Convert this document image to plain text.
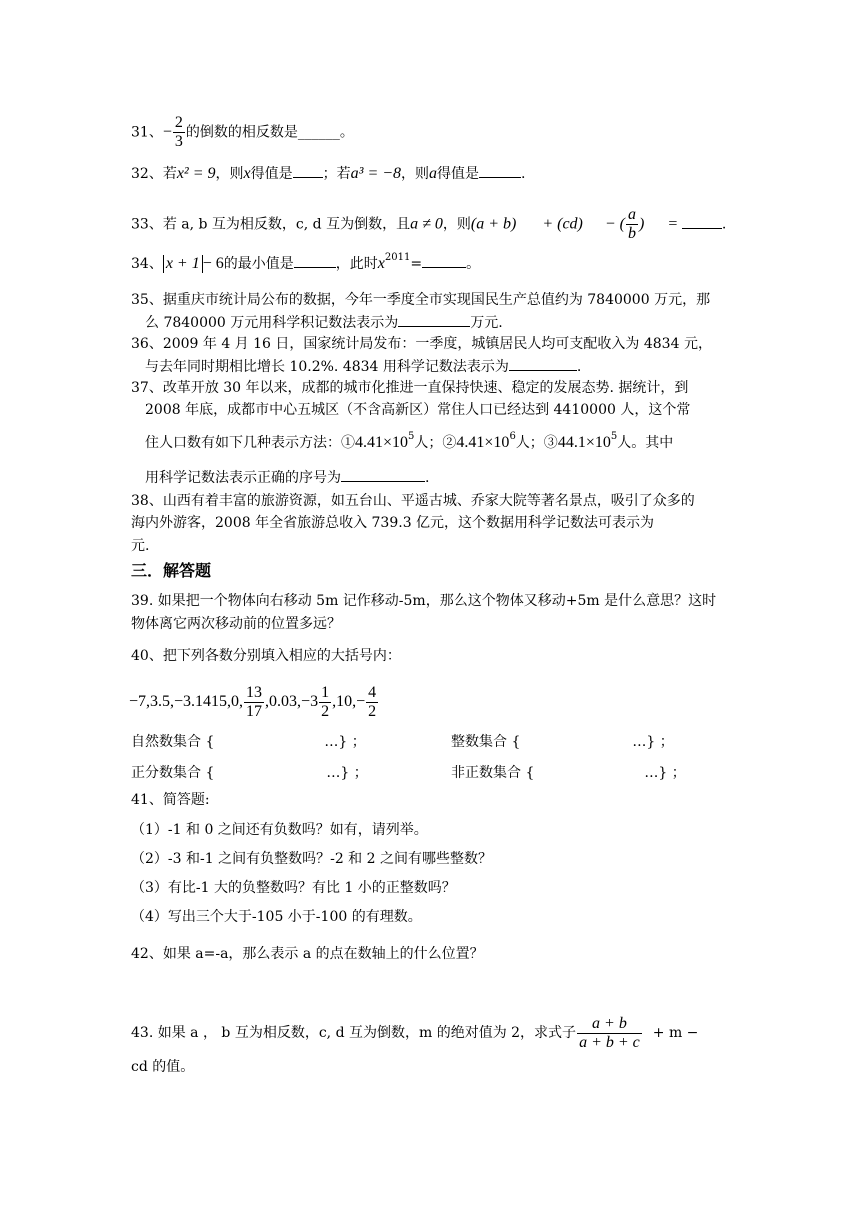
31、− $\frac{2}{3}$ 的倒数的相反数是______。
32、若x² = 9，则x得值是 ；若a³ = −8，则a得值是	.
33、若 a, b 互为相反数，c, d 互为倒数，且a ≠ 0，则(a + b) + (cd) − ( $\frac{a}{b}$ ) =	.
34、 x + 1 − 6的最小值是	，此时$x^{2011}=$	。
35、据重庆市统计局公布的数据，今年一季度全市实现国民生产总值约为 7840000 万元，那
么 7840000 万元用科学积记数法表示为	万元.
36、2009 年 4 月 16 日，国家统计局发布：一季度，城镇居民人均可支配收入为 4834 元，
与去年同时期相比增长 10.2%. 4834 用科学记数法表示为	.
37、改革开放 30 年以来，成都的城市化推进一直保持快速、稳定的发展态势. 据统计，到
2008 年底，成都市中心五城区（不含高新区）常住人口已经达到 4410000 人，这个常
住人口数有如下几种表示方法：$①4.41\times 10^5$人；$②4.41\times 10^6$人；$③44.1\times 10^5$人。其中
用科学记数法表示正确的序号为	.
38、山西有着丰富的旅游资源，如五台山、平遥古城、乔家大院等著名景点，吸引了众多的
海内外游客，2008 年全省旅游总收入 739.3 亿元，这个数据用科学记数法可表示为
元.
三．解答题
39. 如果把一个物体向右移动 5m 记作移动-5m，那么这个物体又移动+5m 是什么意思？这时
物体离它两次移动前的位置多远？
40、把下列各数分别填入相应的大括号内：
−7,3.5,−3.1415,0, $\frac{13}{17} ,0.03,-3 \frac{1}{2} ,10,- \frac{4}{2}$
自然数集合 {	…} ；	整数集合 {	…} ；
正分数集合 {	…} ；	非正数集合 {	…} ；
41、简答题:
（1）-1 和 0 之间还有负数吗？如有，请列举。
（2）-3 和-1 之间有负整数吗？-2 和 2 之间有哪些整数？
（3）有比-1 大的负整数吗？有比 1 小的正整数吗？
（4）写出三个大于-105 小于-100 的有理数。
42、如果 a=-a，那么表示 a 的点在数轴上的什么位置？
43. 如果 a ， b 互为相反数，c, d 互为倒数，m 的绝对值为 2，求式子 $\frac{a + b}{a + b + c} + m$ −
cd 的值。
